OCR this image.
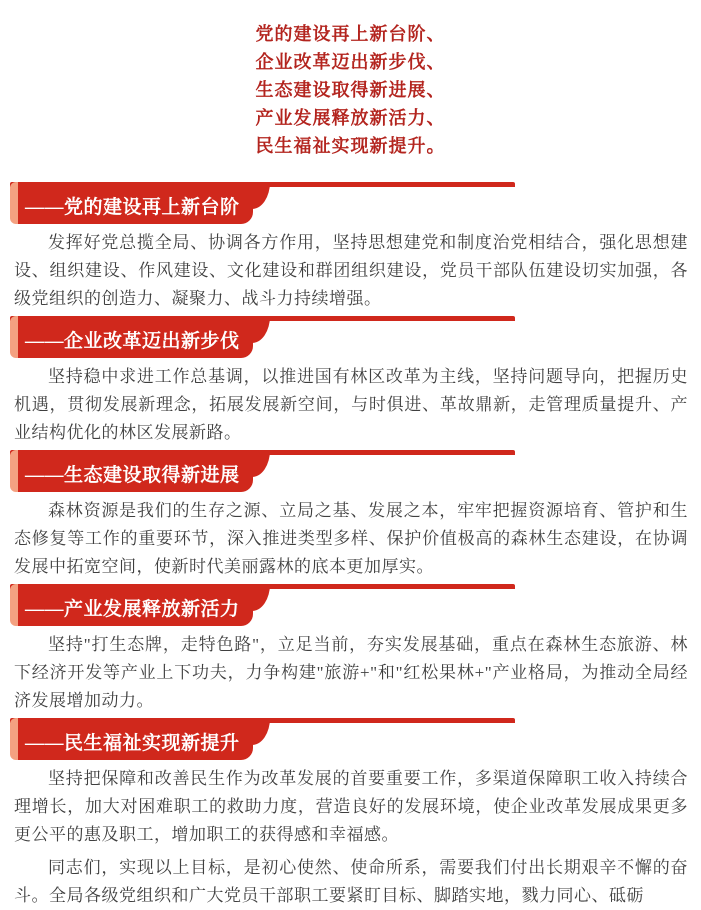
党的建设再上新台阶、
企业改革迈出新步伐、
生态建设取得新进展、
产业发展释放新活力、
民生福祉实现新提升。
——党的建设再上新台阶

发挥好党总揽全局、协调各方作用，坚持思想建党和制度治党相结合，强化思想建设、组织建设、作风建设、文化建设和群团组织建设，党员干部队伍建设切实加强，各级党组织的创造力、凝聚力、战斗力持续增强。

——企业改革迈出新步伐

坚持稳中求进工作总基调，以推进国有林区改革为主线，坚持问题导向，把握历史机遇，贯彻发展新理念，拓展发展新空间，与时俱进、革故鼎新，走管理质量提升、产业结构优化的林区发展新路。

——生态建设取得新进展

森林资源是我们的生存之源、立局之基、发展之本，牢牢把握资源培育、管护和生态修复等工作的重要环节，深入推进类型多样、保护价值极高的森林生态建设，在协调发展中拓宽空间，使新时代美丽露林的底本更加厚实。

——产业发展释放新活力

坚持"打生态牌，走特色路"，立足当前，夯实发展基础，重点在森林生态旅游、林下经济开发等产业上下功夫，力争构建"旅游+"和"红松果林+"产业格局，为推动全局经济发展增加动力。

——民生福祉实现新提升

坚持把保障和改善民生作为改革发展的首要重要工作，多渠道保障职工收入持续合理增长，加大对困难职工的救助力度，营造良好的发展环境，使企业改革发展成果更多更公平的惠及职工，增加职工的获得感和幸福感。

同志们，实现以上目标，是初心使然、使命所系，需要我们付出长期艰辛不懈的奋斗。全局各级党组织和广大党员干部职工要紧盯目标、脚踏实地，戮力同心、砥砺
